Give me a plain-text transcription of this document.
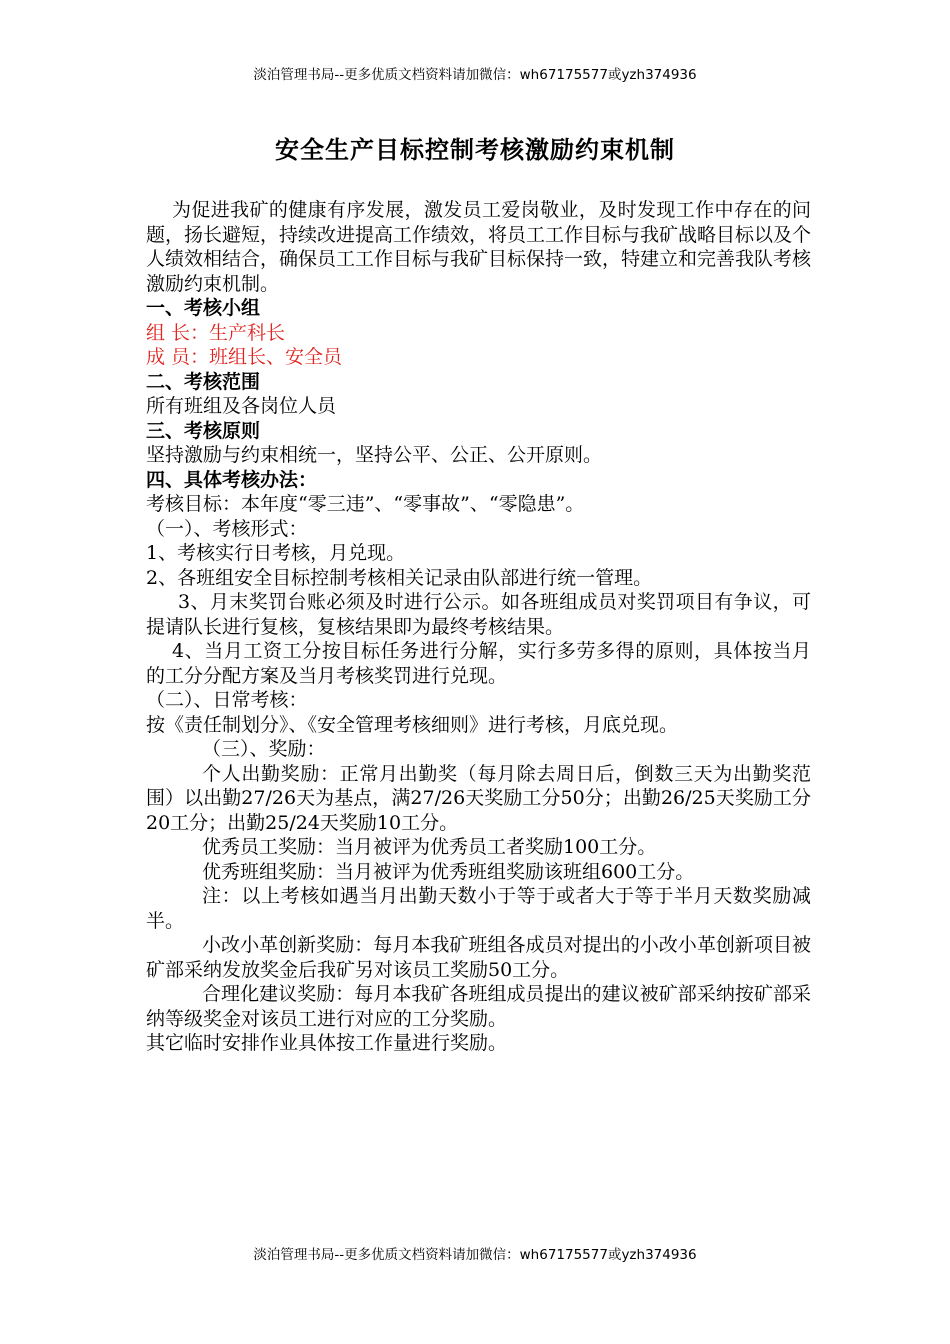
淡泊管理书局--更多优质文档资料请加微信：wh67175577或yzh374936
安全生产目标控制考核激励约束机制

为促进我矿的健康有序发展，激发员工爱岗敬业，及时发现工作中存在的问题，扬长避短，持续改进提高工作绩效，将员工工作目标与我矿战略目标以及个人绩效相结合，确保员工工作目标与我矿目标保持一致，特建立和完善我队考核激励约束机制。

一、考核小组

组 长：生产科长

成 员：班组长、安全员

二、考核范围

所有班组及各岗位人员

三、考核原则

坚持激励与约束相统一，坚持公平、公正、公开原则。

四、具体考核办法：

考核目标：本年度“零三违”、“零事故”、“零隐患”。

（一）、考核形式：

1、考核实行日考核，月兑现。

2、各班组安全目标控制考核相关记录由队部进行统一管理。

3、月末奖罚台账必须及时进行公示。如各班组成员对奖罚项目有争议，可提请队长进行复核，复核结果即为最终考核结果。

4、当月工资工分按目标任务进行分解，实行多劳多得的原则，具体按当月的工分分配方案及当月考核奖罚进行兑现。

（二）、日常考核：

按《责任制划分》、《安全管理考核细则》进行考核，月底兑现。

（三）、奖励：

个人出勤奖励：正常月出勤奖（每月除去周日后，倒数三天为出勤奖范围）以出勤27/26天为基点，满27/26天奖励工分50分；出勤26/25天奖励工分20工分；出勤25/24天奖励10工分。

优秀员工奖励：当月被评为优秀员工者奖励100工分。

优秀班组奖励：当月被评为优秀班组奖励该班组600工分。

注：以上考核如遇当月出勤天数小于等于或者大于等于半月天数奖励减半。

小改小革创新奖励：每月本我矿班组各成员对提出的小改小革创新项目被矿部采纳发放奖金后我矿另对该员工奖励50工分。

合理化建议奖励：每月本我矿各班组成员提出的建议被矿部采纳按矿部采纳等级奖金对该员工进行对应的工分奖励。

其它临时安排作业具体按工作量进行奖励。

淡泊管理书局--更多优质文档资料请加微信：wh67175577或yzh374936
